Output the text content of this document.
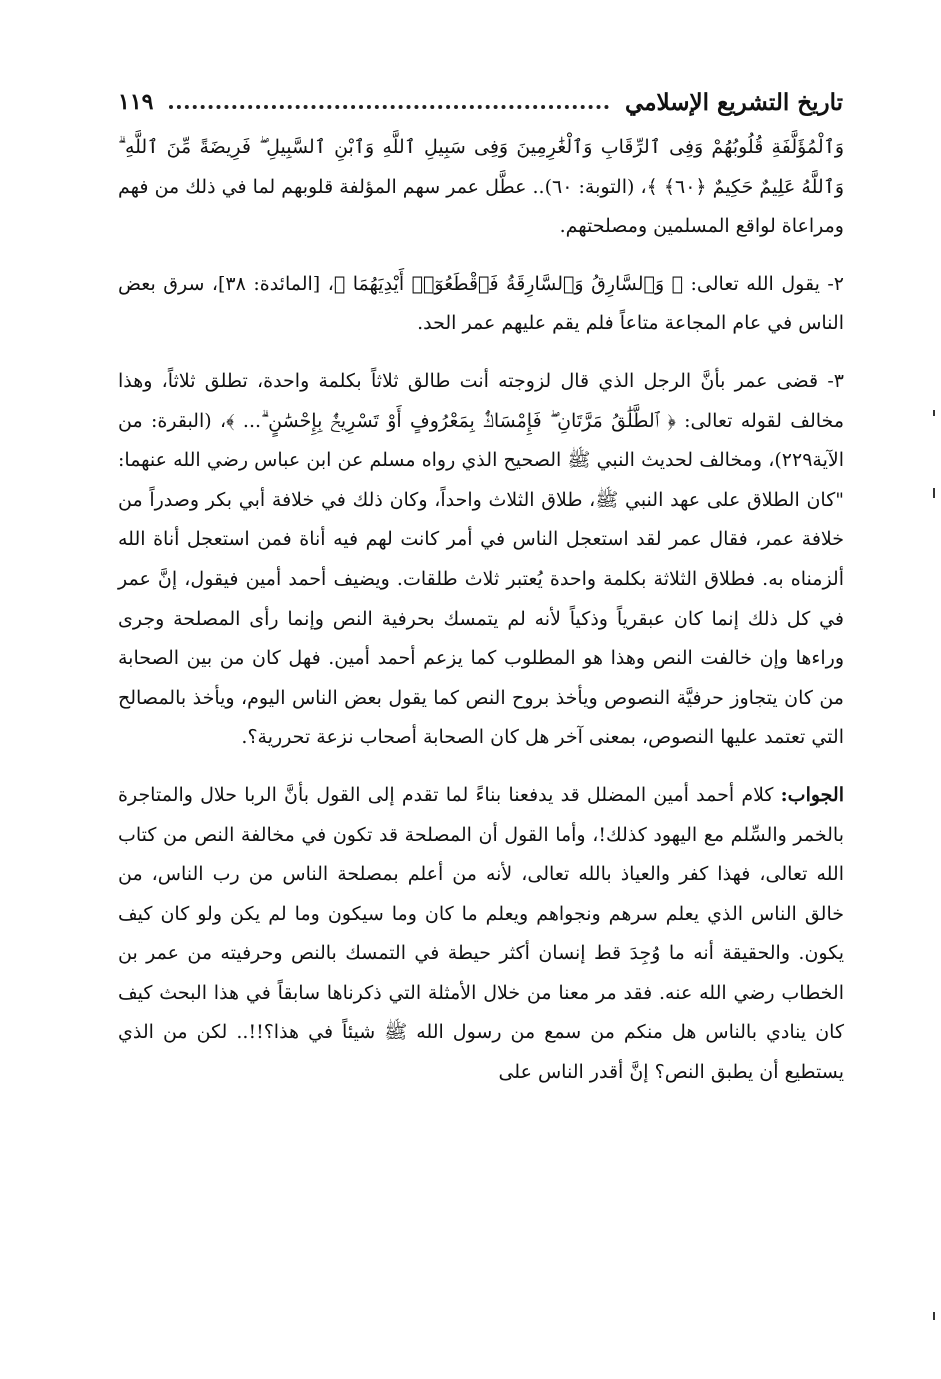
تاريخ التشريع الإسلامي
١١٩

وَٱلْمُؤَلَّفَةِ قُلُوبُهُمْ وَفِى ٱلرِّقَابِ وَٱلْغَٰرِمِينَ وَفِى سَبِيلِ ٱللَّهِ وَٱبْنِ ٱلسَّبِيلِ ۖ فَرِيضَةً مِّنَ ٱللَّهِ ۗ وَٱللَّهُ عَلِيمٌ حَكِيمٌ ﴿٦٠﴾ ﴾، (التوبة: ٦٠).. عطَّل عمر سهم المؤلفة قلوبهم لما في ذلك من فهم ومراعاة لواقع المسلمين ومصلحتهم.

٢- يقول الله تعالى: ﴿ وَٱلسَّارِقُ وَٱلسَّارِقَةُ فَٱقْطَعُوٓا۟ أَيْدِيَهُمَا ﴾، [المائدة: ٣٨]، سرق بعض الناس في عام المجاعة متاعاً فلم يقم عليهم عمر الحد.

٣- قضى عمر بأنَّ الرجل الذي قال لزوجته أنت طالق ثلاثاً بكلمة واحدة، تطلق ثلاثاً، وهذا مخالف لقوله تعالى: ﴿ ٱلطَّلَٰقُ مَرَّتَانِ ۖ فَإِمْسَاكٌۢ بِمَعْرُوفٍ أَوْ تَسْرِيحٌۢ بِإِحْسَٰنٍ ۗ... ﴾، (البقرة: من الآية٢٢٩)، ومخالف لحديث النبي ﷺ الصحيح الذي رواه مسلم عن ابن عباس رضي الله عنهما: "كان الطلاق على عهد النبي ﷺ، طلاق الثلاث واحداً، وكان ذلك في خلافة أبي بكر وصدراً من خلافة عمر، فقال عمر لقد استعجل الناس في أمر كانت لهم فيه أناة فمن استعجل أناة الله ألزمناه به. فطلاق الثلاثة بكلمة واحدة يُعتبر ثلاث طلقات. ويضيف أحمد أمين فيقول، إنَّ عمر في كل ذلك إنما كان عبقرياً وذكياً لأنه لم يتمسك بحرفية النص وإنما رأى المصلحة وجرى وراءها وإن خالفت النص وهذا هو المطلوب كما يزعم أحمد أمين. فهل كان من بين الصحابة من كان يتجاوز حرفيَّة النصوص ويأخذ بروح النص كما يقول بعض الناس اليوم، ويأخذ بالمصالح التي تعتمد عليها النصوص، بمعنى آخر هل كان الصحابة أصحاب نزعة تحررية؟.

الجواب: كلام أحمد أمين المضلل قد يدفعنا بناءً لما تقدم إلى القول بأنَّ الربا حلال والمتاجرة بالخمر والسِّلم مع اليهود كذلك!، وأما القول أن المصلحة قد تكون في مخالفة النص من كتاب الله تعالى، فهذا كفر والعياذ بالله تعالى، لأنه من أعلم بمصلحة الناس من رب الناس، من خالق الناس الذي يعلم سرهم ونجواهم ويعلم ما كان وما سيكون وما لم يكن ولو كان كيف يكون. والحقيقة أنه ما وُجِدَ قط إنسان أكثر حيطة في التمسك بالنص وحرفيته من عمر بن الخطاب رضي الله عنه. فقد مر معنا من خلال الأمثلة التي ذكرناها سابقاً في هذا البحث كيف كان ينادي بالناس هل منكم من سمع من رسول الله ﷺ شيئاً في هذا؟!!.. لكن من الذي يستطيع أن يطبق النص؟ إنَّ أقدر الناس على
